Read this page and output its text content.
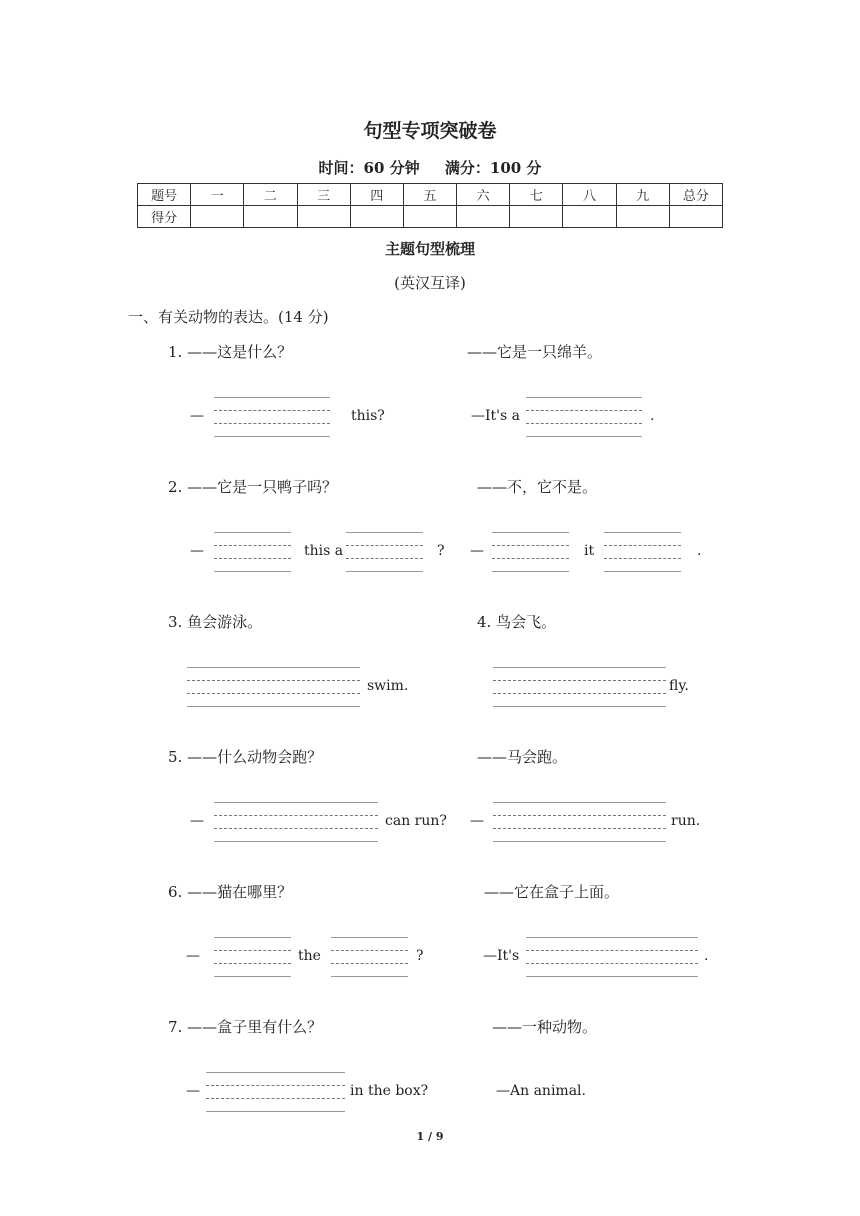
句型专项突破卷
时间：60 分钟 满分：100 分
题号	一	二	三	四	五	六	七	八	九	总分
得分										
主题句型梳理
(英汉互译)
一、有关动物的表达。(14 分)
1. ——这是什么？	——它是一只绵羊。
—	this?	—It's a	.
2. ——它是一只鸭子吗？	——不，它不是。
—	this a	? —	it	.
3. 鱼会游泳。	4. 鸟会飞。
swim.	fly.
5. ——什么动物会跑？	——马会跑。
—	can run? —	run.
6. ——猫在哪里？	——它在盒子上面。
—	the	?	—It's	.
7. ——盒子里有什么？	——一种动物。
—	in the box?	—An animal.
1 / 9
